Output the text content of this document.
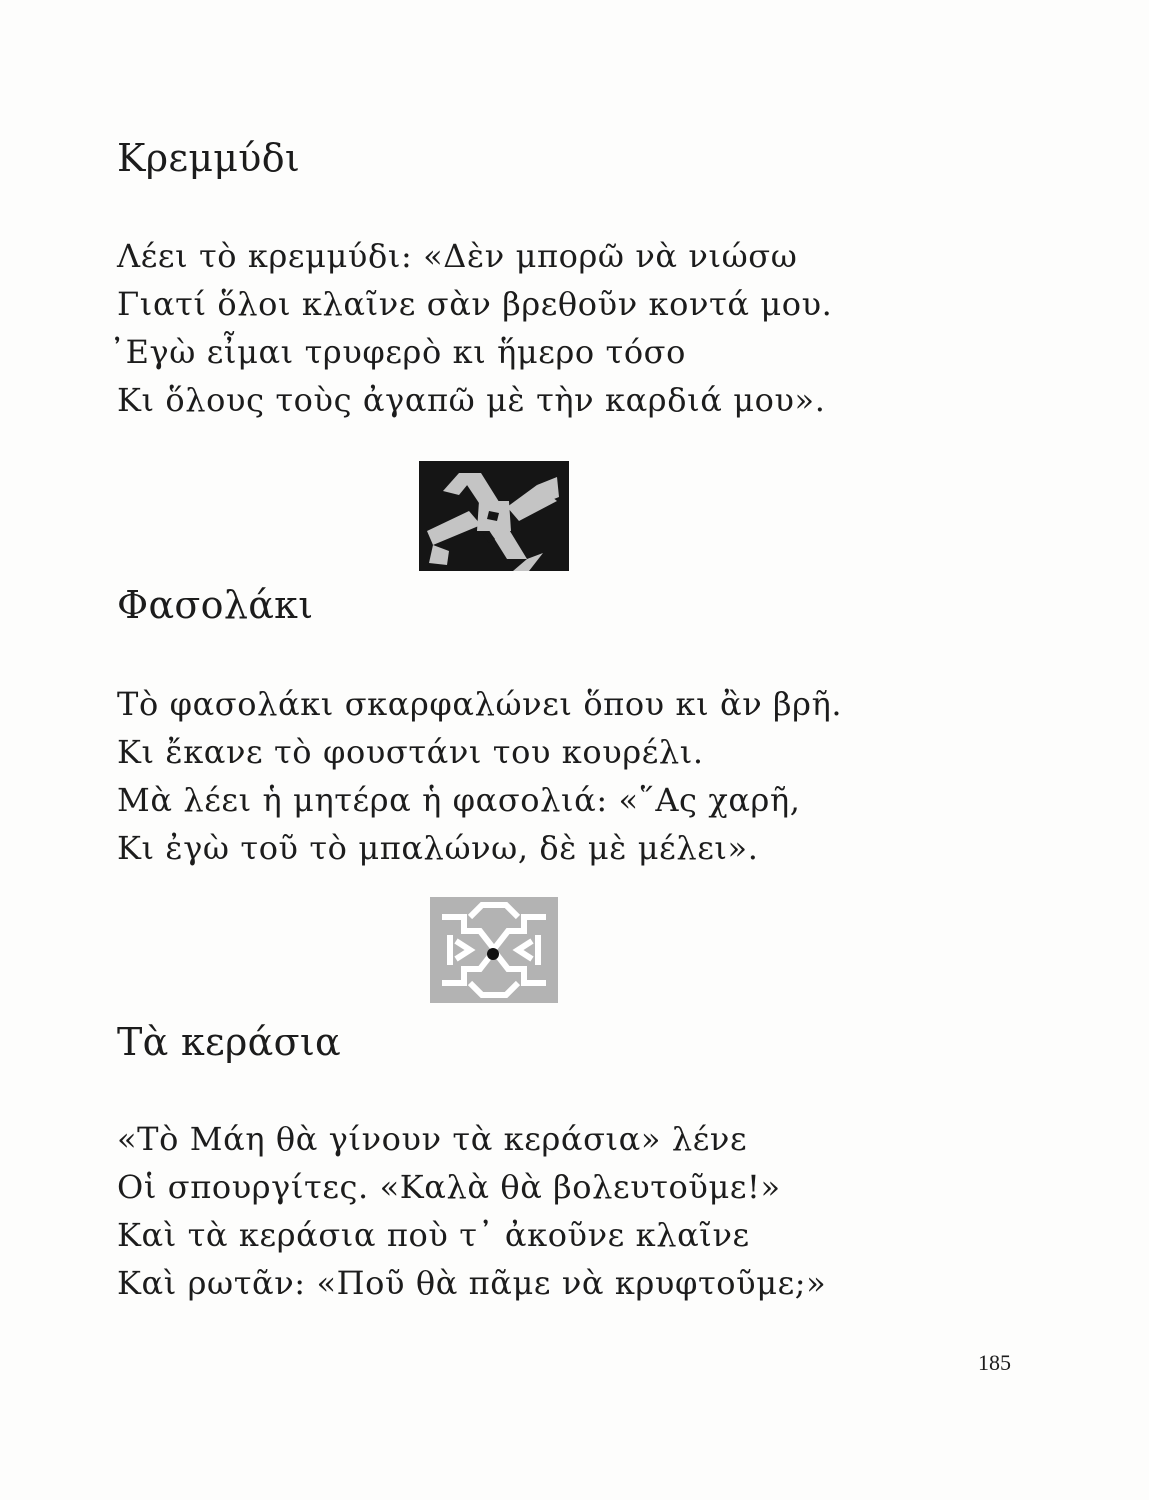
Κρεμμύδι
Λέει τὸ κρεμμύδι: «Δὲν μπορῶ νὰ νιώσω
Γιατί ὅλοι κλαῖνε σὰν βρεθοῦν κοντά μου.
᾿Εγὼ εἶμαι τρυφερὸ κι ἥμερο τόσο
Κι ὅλους τοὺς ἀγαπῶ μὲ τὴν καρδιά μου».
Φασολάκι
Τὸ φασολάκι σκαρφαλώνει ὅπου κι ἂν βρῆ.
Κι ἔκανε τὸ φουστάνι του κουρέλι.
Μὰ λέει ἡ μητέρα ἡ φασολιά: «῞Ας χαρῆ,
Κι ἐγὼ τοῦ τὸ μπαλώνω, δὲ μὲ μέλει».
Τὰ κεράσια
«Τὸ Μάη θὰ γίνουν τὰ κεράσια» λένε
Οἱ σπουργίτες. «Καλὰ θὰ βολευτοῦμε!»
Καὶ τὰ κεράσια ποὺ τ᾿ ἀκοῦνε κλαῖνε
Καὶ ρωτᾶν: «Ποῦ θὰ πᾶμε νὰ κρυφτοῦμε;»
185
